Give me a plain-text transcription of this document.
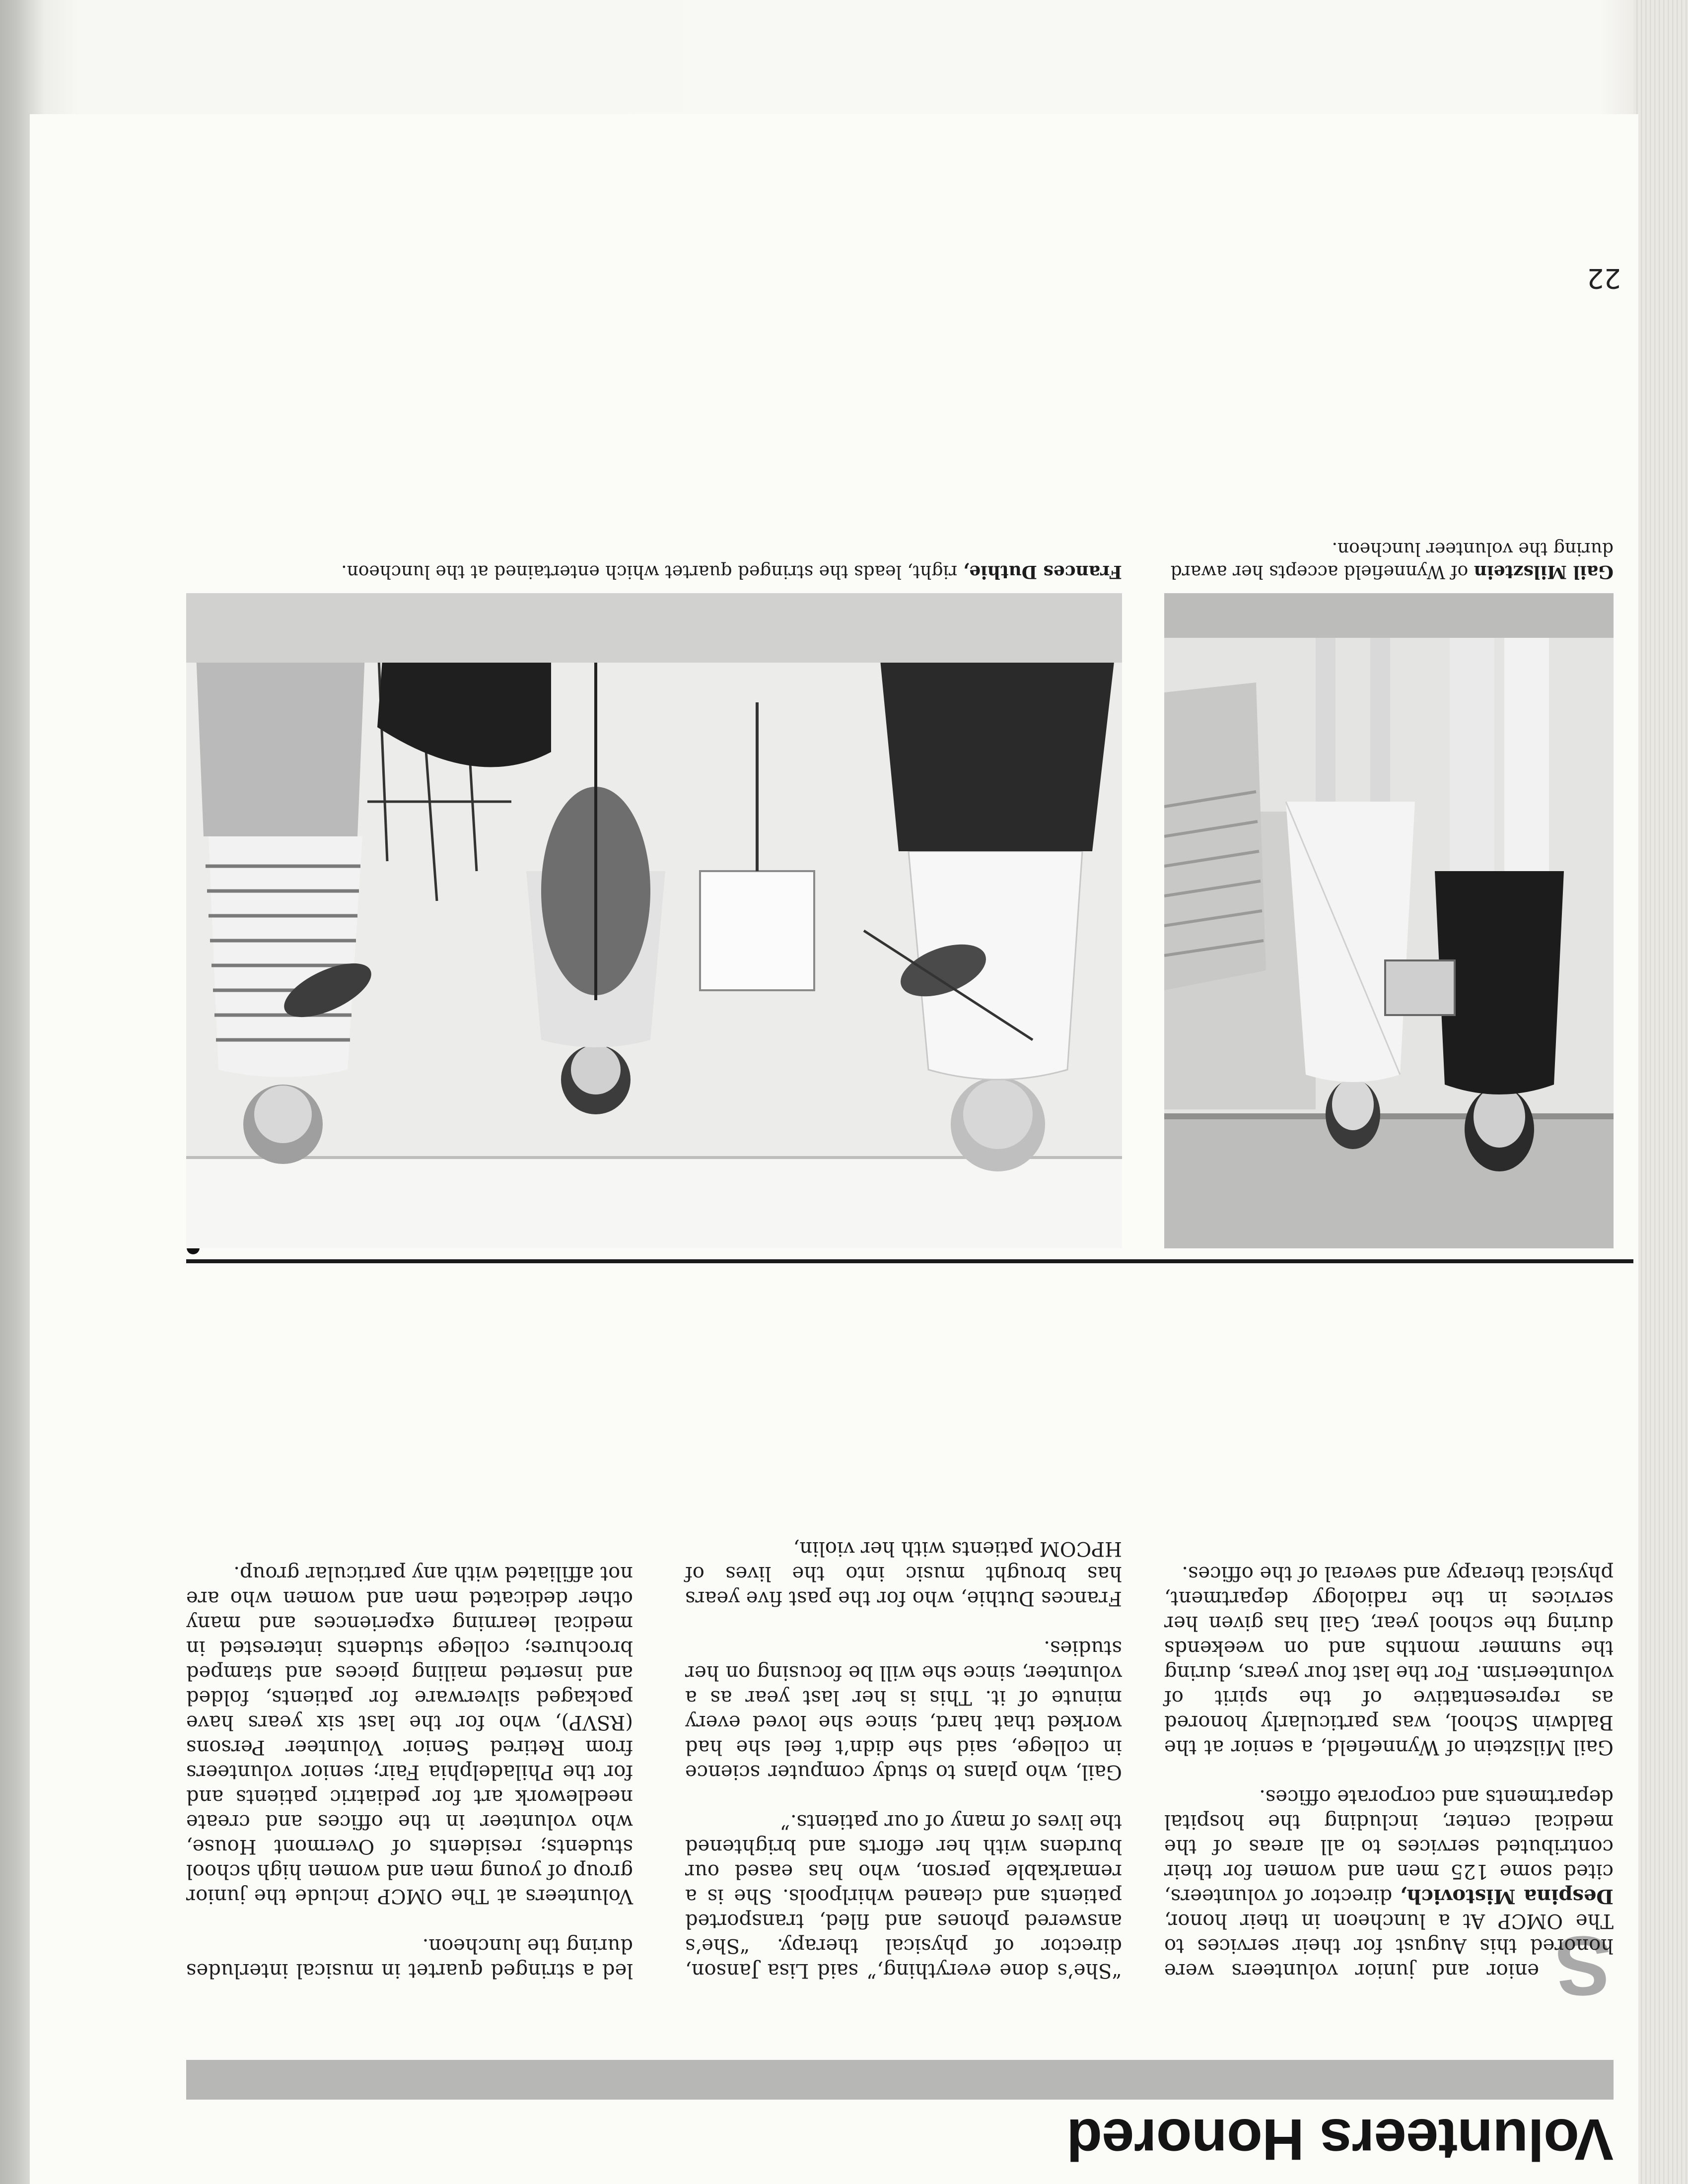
Volunteers Honored
S

enior and junior volunteers were honored this August for their services to The OMCP At a luncheon in their honor, Despina Mistovich, director of volunteers, cited some 125 men and women for their contributed services to all areas of the medical center, including the hospital departments and corporate offices.

Gail Milsztein of Wynnefield, a senior at the Baldwin School, was particularly honored as representative of the spirit of volunteerism. For the last four years, during the summer months and on weekends during the school year, Gail has given her services in the radiology department, physical therapy and several of the offices.

“She’s done everything,” said Lisa Janson, director of physical therapy. “She’s answered phones and filed, transported patients and cleaned whirlpools. She is a remarkable person, who has eased our burdens with her efforts and brightened the lives of many of our patients.”

Gail, who plans to study computer science in college, said she didn’t feel she had worked that hard, since she loved every minute of it. This is her last year as a volunteer, since she will be focusing on her studies.

Frances Duthie, who for the past five years has brought music into the lives of HPCOM patients with her violin,

led a stringed quartet in musical interludes during the luncheon.

Volunteers at The OMCP include the junior group of young men and women high school students; residents of Overmont House, who volunteer in the offices and create needlework art for pediatric patients and for the Philadelphia Fair; senior volunteers from Retired Senior Volunteer Persons (RSVP), who for the last six years have packaged silverware for patients, folded and inserted mailing pieces and stamped brochures; college students interested in medical learning experiences and many other dedicated men and women who are not affiliated with any particular group.

Gail Milsztein of Wynnefield accepts her award during the volunteer luncheon.
Frances Duthie, right, leads the stringed quartet which entertained at the luncheon.
22
